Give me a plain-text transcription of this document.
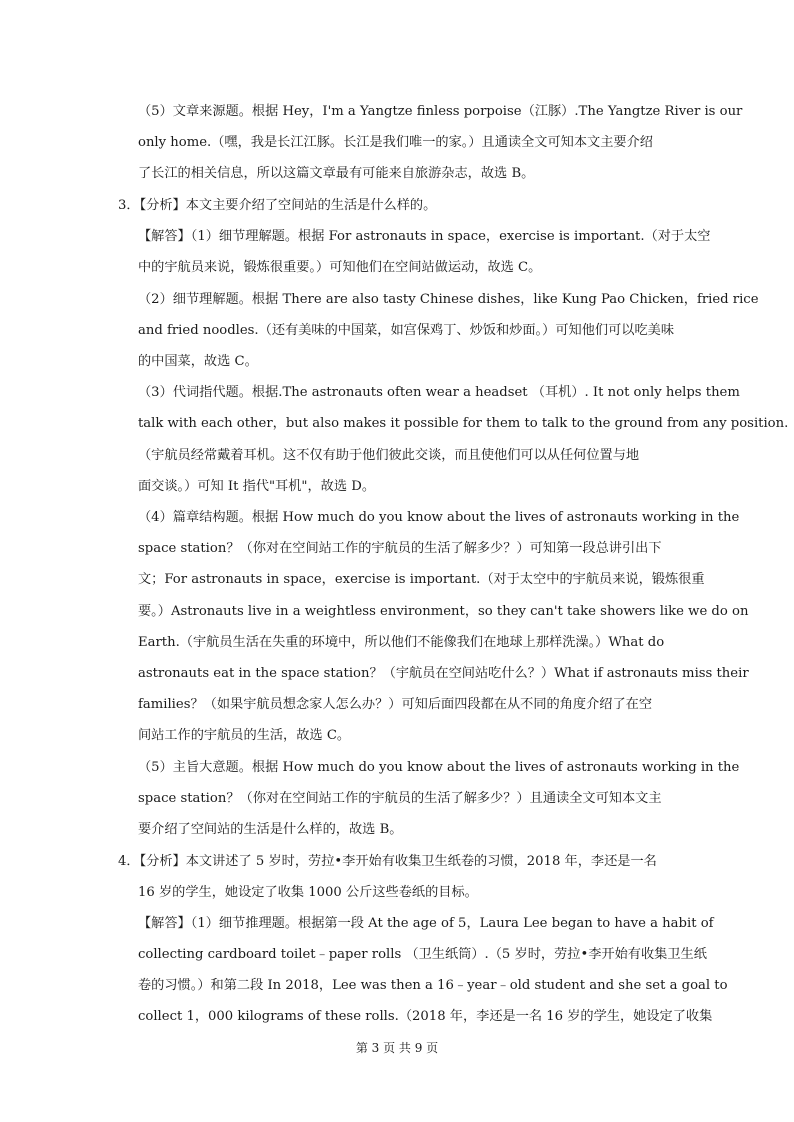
（5）文章来源题。根据 Hey，I'm a Yangtze finless porpoise（江豚）.The Yangtze River is our
only home.（嘿，我是长江江豚。长江是我们唯一的家。）且通读全文可知本文主要介绍
了长江的相关信息，所以这篇文章最有可能来自旅游杂志，故选 B。
3．【分析】本文主要介绍了空间站的生活是什么样的。
【解答】（1）细节理解题。根据 For astronauts in space，exercise is important.（对于太空
中的宇航员来说，锻炼很重要。）可知他们在空间站做运动，故选 C。
（2）细节理解题。根据 There are also tasty Chinese dishes，like Kung Pao Chicken，fried rice
and fried noodles.（还有美味的中国菜，如宫保鸡丁、炒饭和炒面。）可知他们可以吃美味
的中国菜，故选 C。
（3）代词指代题。根据.The astronauts often wear a headset （耳机）. It not only helps them
talk with each other，but also makes it possible for them to talk to the ground from any position.
（宇航员经常戴着耳机。这不仅有助于他们彼此交谈，而且使他们可以从任何位置与地
面交谈。）可知 It 指代"耳机"，故选 D。
（4）篇章结构题。根据 How much do you know about the lives of astronauts working in the
space station？（你对在空间站工作的宇航员的生活了解多少？）可知第一段总讲引出下
文；For astronauts in space，exercise is important.（对于太空中的宇航员来说，锻炼很重
要。）Astronauts live in a weightless environment，so they can't take showers like we do on
Earth.（宇航员生活在失重的环境中，所以他们不能像我们在地球上那样洗澡。）What do
astronauts eat in the space station？（宇航员在空间站吃什么？）What if astronauts miss their
families？（如果宇航员想念家人怎么办？）可知后面四段都在从不同的角度介绍了在空
间站工作的宇航员的生活，故选 C。
（5）主旨大意题。根据 How much do you know about the lives of astronauts working in the
space station？（你对在空间站工作的宇航员的生活了解多少？）且通读全文可知本文主
要介绍了空间站的生活是什么样的，故选 B。
4．【分析】本文讲述了 5 岁时，劳拉•李开始有收集卫生纸卷的习惯，2018 年，李还是一名
16 岁的学生，她设定了收集 1000 公斤这些卷纸的目标。
【解答】（1）细节推理题。根据第一段 At the age of 5，Laura Lee began to have a habit of
collecting cardboard toilet﹣paper rolls （卫生纸筒）.（5 岁时，劳拉•李开始有收集卫生纸
卷的习惯。）和第二段 In 2018，Lee was then a 16﹣year﹣old student and she set a goal to
collect 1，000 kilograms of these rolls.（2018 年，李还是一名 16 岁的学生，她设定了收集
第 3 页 共 9 页
